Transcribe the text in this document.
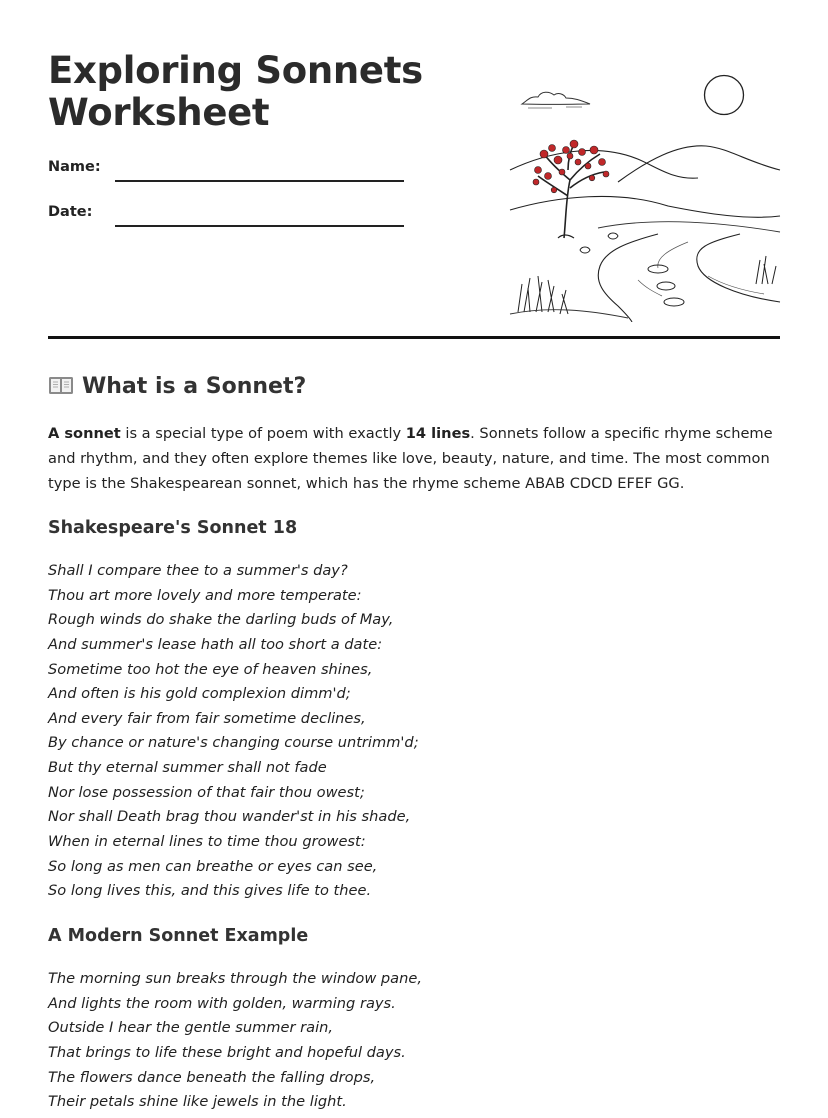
Exploring Sonnets
Worksheet
Name:
Date:
What is a Sonnet?

A sonnet is a special type of poem with exactly 14 lines. Sonnets follow a specific rhyme scheme and rhythm, and they often explore themes like love, beauty, nature, and time. The most common type is the Shakespearean sonnet, which has the rhyme scheme ABAB CDCD EFEF GG.

Shakespeare's Sonnet 18
Shall I compare thee to a summer's day?
Thou art more lovely and more temperate:
Rough winds do shake the darling buds of May,
And summer's lease hath all too short a date:
Sometime too hot the eye of heaven shines,
And often is his gold complexion dimm'd;
And every fair from fair sometime declines,
By chance or nature's changing course untrimm'd;
But thy eternal summer shall not fade
Nor lose possession of that fair thou owest;
Nor shall Death brag thou wander'st in his shade,
When in eternal lines to time thou growest:
So long as men can breathe or eyes can see,
So long lives this, and this gives life to thee.
A Modern Sonnet Example
The morning sun breaks through the window pane,
And lights the room with golden, warming rays.
Outside I hear the gentle summer rain,
That brings to life these bright and hopeful days.
The flowers dance beneath the falling drops,
Their petals shine like jewels in the light.
